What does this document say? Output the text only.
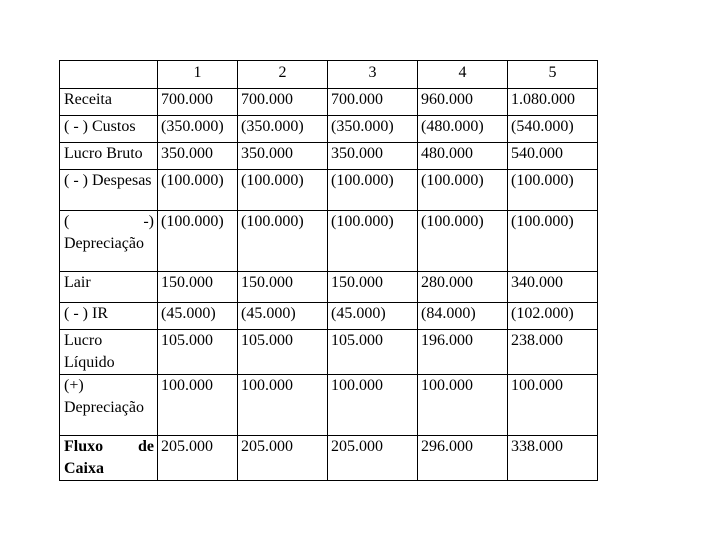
	1	2	3	4	5
Receita	700.000	700.000	700.000	960.000	1.080.000
( - ) Custos	(350.000)	(350.000)	(350.000)	(480.000)	(540.000)
Lucro Bruto	350.000	350.000	350.000	480.000	540.000
( - ) Despesas	(100.000)	(100.000)	(100.000)	(100.000)	(100.000)
( -) Depreciação	(100.000)	(100.000)	(100.000)	(100.000)	(100.000)
Lair	150.000	150.000	150.000	280.000	340.000
( - ) IR	(45.000)	(45.000)	(45.000)	(84.000)	(102.000)
Lucro Líquido	105.000	105.000	105.000	196.000	238.000
(+) Depreciação	100.000	100.000	100.000	100.000	100.000
Fluxo de Caixa	205.000	205.000	205.000	296.000	338.000
